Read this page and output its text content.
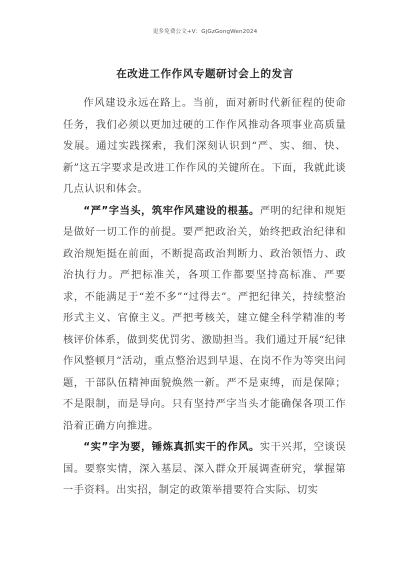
更多免费公文+V：GjGzGongWen2024
在改进工作作风专题研讨会上的发言

作风建设永远在路上。当前，面对新时代新征程的使命任务，我们必须以更加过硬的工作作风推动各项事业高质量发展。通过实践探索，我们深刻认识到“严、实、细、快、新”这五字要求是改进工作作风的关键所在。下面，我就此谈几点认识和体会。

“严”字当头，筑牢作风建设的根基。严明的纪律和规矩是做好一切工作的前提。要严把政治关，始终把政治纪律和政治规矩挺在前面，不断提高政治判断力、政治领悟力、政治执行力。严把标准关，各项工作都要坚持高标准、严要求，不能满足于“差不多”“过得去”。严把纪律关，持续整治形式主义、官僚主义。严把考核关，建立健全科学精准的考核评价体系，做到奖优罚劣、激励担当。我们通过开展“纪律作风整顿月”活动，重点整治迟到早退、在岗不作为等突出问题，干部队伍精神面貌焕然一新。严不是束缚，而是保障；不是限制，而是导向。只有坚持严字当头才能确保各项工作沿着正确方向推进。

“实”字为要，锤炼真抓实干的作风。实干兴邦，空谈误国。要察实情，深入基层、深入群众开展调查研究，掌握第一手资料。出实招，制定的政策举措要符合实际、切实
